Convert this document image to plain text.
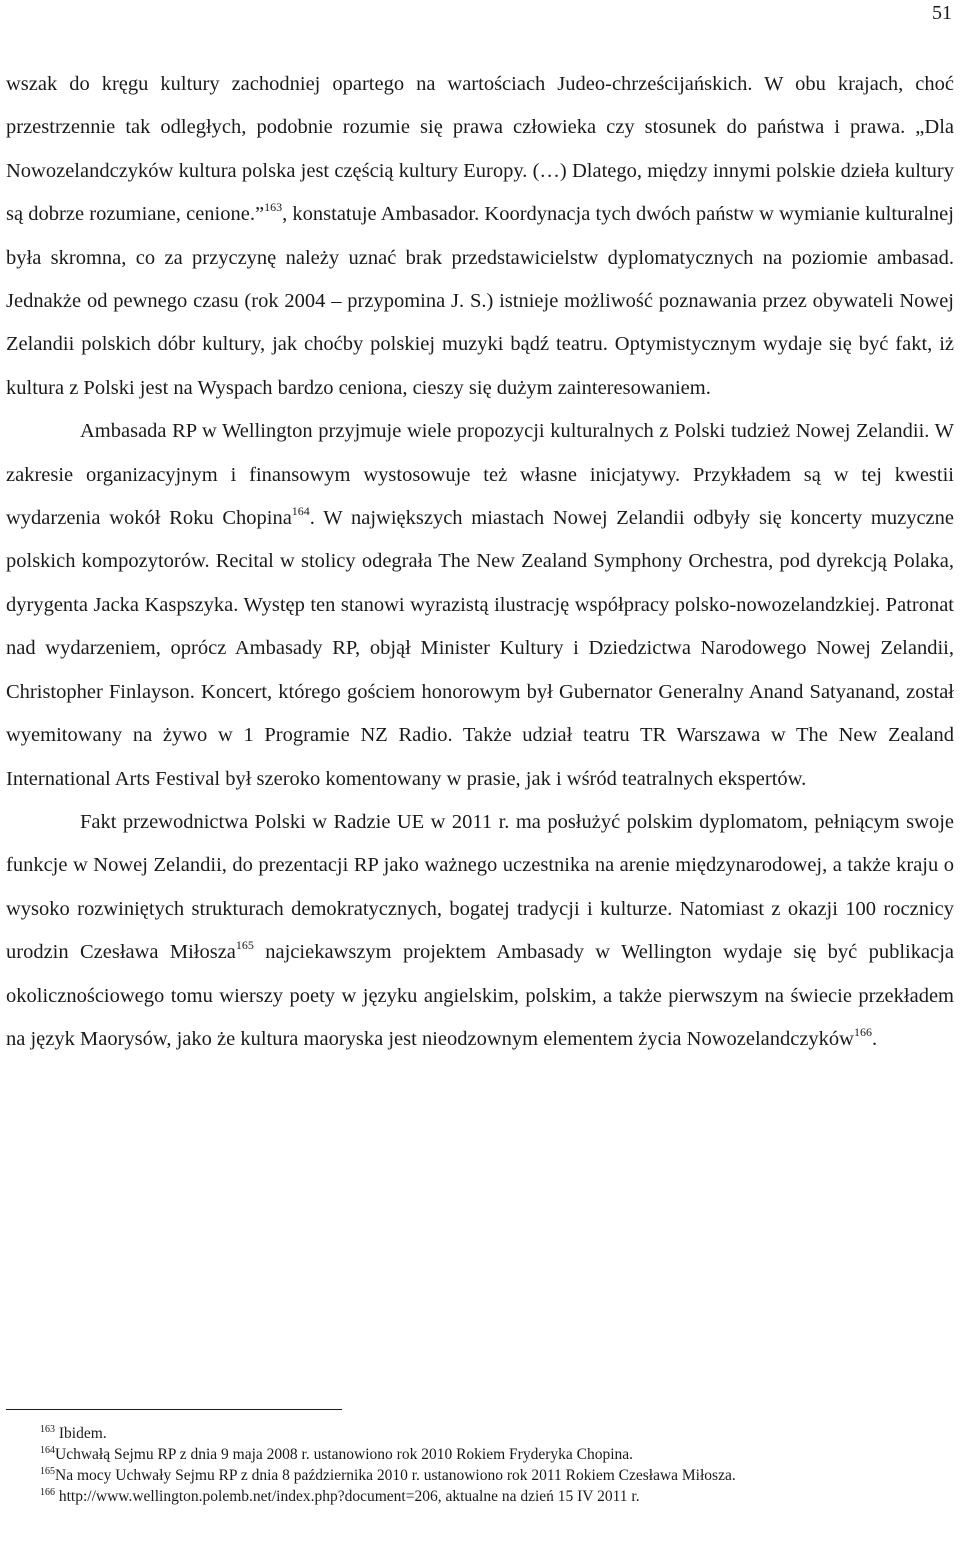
51

wszak do kręgu kultury zachodniej opartego na wartościach Judeo-chrześcijańskich. W obu krajach, choć przestrzennie tak odległych, podobnie rozumie się prawa człowieka czy stosunek do państwa i prawa. „Dla Nowozelandczyków kultura polska jest częścią kultury Europy. (…) Dlatego, między innymi polskie dzieła kultury są dobrze rozumiane, cenione.”$^{163}$, konstatuje Ambasador. Koordynacja tych dwóch państw w wymianie kulturalnej była skromna, co za przyczynę należy uznać brak przedstawicielstw dyplomatycznych na poziomie ambasad. Jednakże od pewnego czasu (rok 2004 – przypomina J. S.) istnieje możliwość poznawania przez obywateli Nowej Zelandii polskich dóbr kultury, jak choćby polskiej muzyki bądź teatru. Optymistycznym wydaje się być fakt, iż kultura z Polski jest na Wyspach bardzo ceniona, cieszy się dużym zainteresowaniem.

Ambasada RP w Wellington przyjmuje wiele propozycji kulturalnych z Polski tudzież Nowej Zelandii. W zakresie organizacyjnym i finansowym wystosowuje też własne inicjatywy. Przykładem są w tej kwestii wydarzenia wokół Roku Chopina$^{164}$. W największych miastach Nowej Zelandii odbyły się koncerty muzyczne polskich kompozytorów. Recital w stolicy odegrała The New Zealand Symphony Orchestra, pod dyrekcją Polaka, dyrygenta Jacka Kaspszyka. Występ ten stanowi wyrazistą ilustrację współpracy polsko-nowozelandzkiej. Patronat nad wydarzeniem, oprócz Ambasady RP, objął Minister Kultury i Dziedzictwa Narodowego Nowej Zelandii, Christopher Finlayson. Koncert, którego gościem honorowym był Gubernator Generalny Anand Satyanand, został wyemitowany na żywo w 1 Programie NZ Radio. Także udział teatru TR Warszawa w The New Zealand International Arts Festival był szeroko komentowany w prasie, jak i wśród teatralnych ekspertów.

Fakt przewodnictwa Polski w Radzie UE w 2011 r. ma posłużyć polskim dyplomatom, pełniącym swoje funkcje w Nowej Zelandii, do prezentacji RP jako ważnego uczestnika na arenie międzynarodowej, a także kraju o wysoko rozwiniętych strukturach demokratycznych, bogatej tradycji i kulturze. Natomiast z okazji 100 rocznicy urodzin Czesława Miłosza$^{165}$ najciekawszym projektem Ambasady w Wellington wydaje się być publikacja okolicznościowego tomu wierszy poety w języku angielskim, polskim, a także pierwszym na świecie przekładem na język Maorysów, jako że kultura maoryska jest nieodzownym elementem życia Nowozelandczyków$^{166}$.

$^{163}$ Ibidem.

$^{164}$Uchwałą Sejmu RP z dnia 9 maja 2008 r. ustanowiono rok 2010 Rokiem Fryderyka Chopina.

$^{165}$Na mocy Uchwały Sejmu RP z dnia 8 października 2010 r. ustanowiono rok 2011 Rokiem Czesława Miłosza.

$^{166}$ http://www.wellington.polemb.net/index.php?document=206, aktualne na dzień 15 IV 2011 r.
